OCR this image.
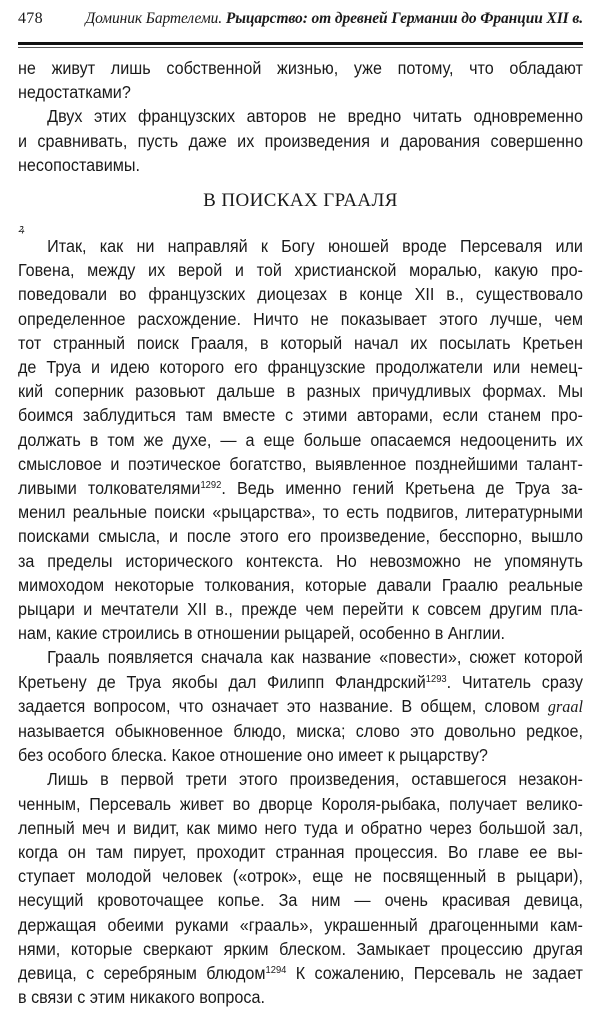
478	Доминик Бартелеми. Рыцарство: от древней Германии до Франции XII в.
не живут лишь собственной жизнью, уже потому, что обладают
недостатками?
Двух этих французских авторов не вредно читать одновременно
и сравнивать, пусть даже их произведения и дарования совершенно
несопоставимы.
В ПОИСКАХ ГРААЛЯ
ꝝ
Итак, как ни направляй к Богу юношей вроде Персеваля или
Говена, между их верой и той христианской моралью, какую про-
поведовали во французских диоцезах в конце XII в., существовало
определенное расхождение. Ничто не показывает этого лучше, чем
тот странный поиск Грааля, в который начал их посылать Кретьен
де Труа и идею которого его французские продолжатели или немец-
кий соперник разовьют дальше в разных причудливых формах. Мы
боимся заблудиться там вместе с этими авторами, если станем про-
должать в том же духе, — а еще больше опасаемся недооценить их
смысловое и поэтическое богатство, выявленное позднейшими талант-
ливыми толкователями$^{1292}$. Ведь именно гений Кретьена де Труа за-
менил реальные поиски «рыцарства», то есть подвигов, литературными
поисками смысла, и после этого его произведение, бесспорно, вышло
за пределы исторического контекста. Но невозможно не упомянуть
мимоходом некоторые толкования, которые давали Граалю реальные
рыцари и мечтатели XII в., прежде чем перейти к совсем другим пла-
нам, какие строились в отношении рыцарей, особенно в Англии.
Грааль появляется сначала как название «повести», сюжет которой
Кретьену де Труа якобы дал Филипп Фландрский$^{1293}$. Читатель сразу
задается вопросом, что означает это название. В общем, словом graal
называется обыкновенное блюдо, миска; слово это довольно редкое,
без особого блеска. Какое отношение оно имеет к рыцарству?
Лишь в первой трети этого произведения, оставшегося незакон-
ченным, Персеваль живет во дворце Короля-рыбака, получает велико-
лепный меч и видит, как мимо него туда и обратно через большой зал,
когда он там пирует, проходит странная процессия. Во главе ее вы-
ступает молодой человек («отрок», еще не посвященный в рыцари),
несущий кровоточащее копье. За ним — очень красивая девица,
держащая обеими руками «грааль», украшенный драгоценными кам-
нями, которые сверкают ярким блеском. Замыкает процессию другая
девица, с серебряным блюдом$^{1294}$ К сожалению, Персеваль не задает
в связи с этим никакого вопроса.
